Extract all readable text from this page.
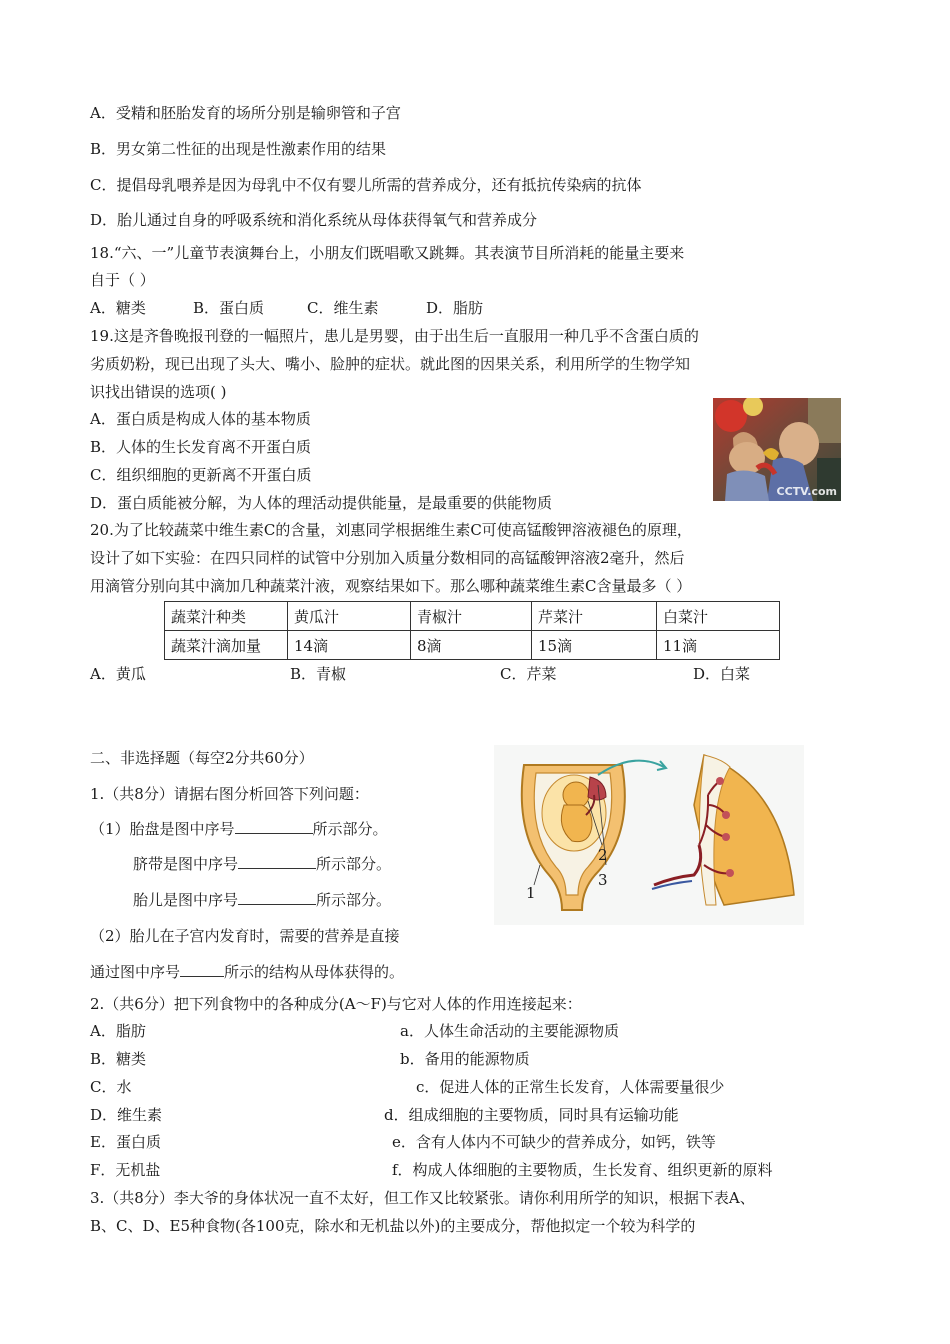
A．受精和胚胎发育的场所分别是输卵管和子宫
B．男女第二性征的出现是性激素作用的结果
C．提倡母乳喂养是因为母乳中不仅有婴儿所需的营养成分，还有抵抗传染病的抗体
D．胎儿通过自身的呼吸系统和消化系统从母体获得氧气和营养成分
18.“六、一”儿童节表演舞台上，小朋友们既唱歌又跳舞。其表演节目所消耗的能量主要来
自于（ ）
A．糖类	B．蛋白质	C．维生素	D．脂肪
19.这是齐鲁晚报刊登的一幅照片，患儿是男婴，由于出生后一直服用一种几乎不含蛋白质的
劣质奶粉，现已出现了头大、嘴小、脸肿的症状。就此图的因果关系，利用所学的生物学知
识找出错误的选项( )
A．蛋白质是构成人体的基本物质
B．人体的生长发育离不开蛋白质
C．组织细胞的更新离不开蛋白质
D．蛋白质能被分解，为人体的理活动提供能量，是最重要的供能物质
CCTV.com
20.为了比较蔬菜中维生素C的含量，刘惠同学根据维生素C可使高锰酸钾溶液褪色的原理，
设计了如下实验：在四只同样的试管中分别加入质量分数相同的高锰酸钾溶液2毫升，然后
用滴管分别向其中滴加几种蔬菜汁液，观察结果如下。那么哪种蔬菜维生素C含量最多（ ）
蔬菜汁种类	黄瓜汁	青椒汁	芹菜汁	白菜汁
蔬菜汁滴加量	14滴	8滴	15滴	11滴
A．黄瓜	B．青椒	C．芹菜	D．白菜
二、非选择题（每空2分共60分）
1.（共8分）请据右图分析回答下列问题：
（1）胎盘是图中序号	所示部分。
脐带是图中序号	所示部分。
胎儿是图中序号	所示部分。
（2）胎儿在子宫内发育时，需要的营养是直接
通过图中序号	所示的结构从母体获得的。
2
3
1
2.（共6分）把下列食物中的各种成分(A～F)与它对人体的作用连接起来：
A．脂肪	a．人体生命活动的主要能源物质
B．糖类	b．备用的能源物质
C．水	c．促进人体的正常生长发育，人体需要量很少
D．维生素	d．组成细胞的主要物质，同时具有运输功能
E．蛋白质	e．含有人体内不可缺少的营养成分，如钙，铁等
F．无机盐	f．构成人体细胞的主要物质，生长发育、组织更新的原料
3.（共8分）李大爷的身体状况一直不太好，但工作又比较紧张。请你利用所学的知识，根据下表A、
B、C、D、E5种食物(各100克，除水和无机盐以外)的主要成分，帮他拟定一个较为科学的
